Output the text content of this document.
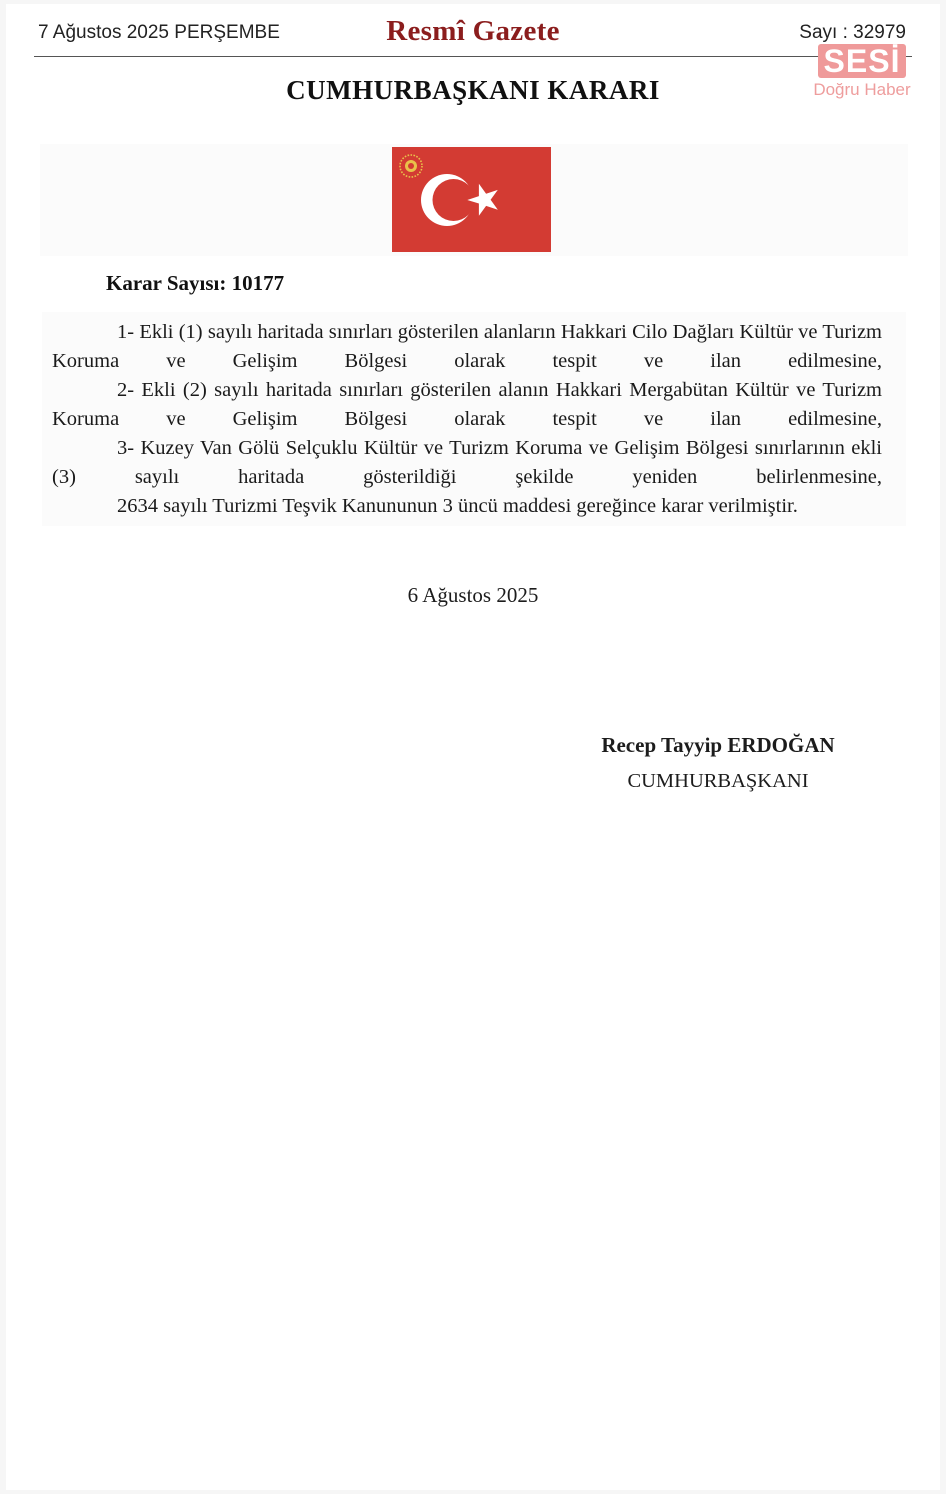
7 Ağustos 2025 PERŞEMBE	Resmî Gazete	Sayı : 32979
CUMHURBAŞKANI KARARI
SESİ
Doğru Haber
Karar Sayısı: 10177

1- Ekli (1) sayılı haritada sınırları gösterilen alanların Hakkari Cilo Dağları Kültür ve Turizm Koruma ve Gelişim Bölgesi olarak tespit ve ilan edilmesine,

2- Ekli (2) sayılı haritada sınırları gösterilen alanın Hakkari Mergabütan Kültür ve Turizm Koruma ve Gelişim Bölgesi olarak tespit ve ilan edilmesine,

3- Kuzey Van Gölü Selçuklu Kültür ve Turizm Koruma ve Gelişim Bölgesi sınırlarının ekli (3) sayılı haritada gösterildiği şekilde yeniden belirlenmesine,

2634 sayılı Turizmi Teşvik Kanununun 3 üncü maddesi gereğince karar verilmiştir.

6 Ağustos 2025
Recep Tayyip ERDOĞAN
CUMHURBAŞKANI
